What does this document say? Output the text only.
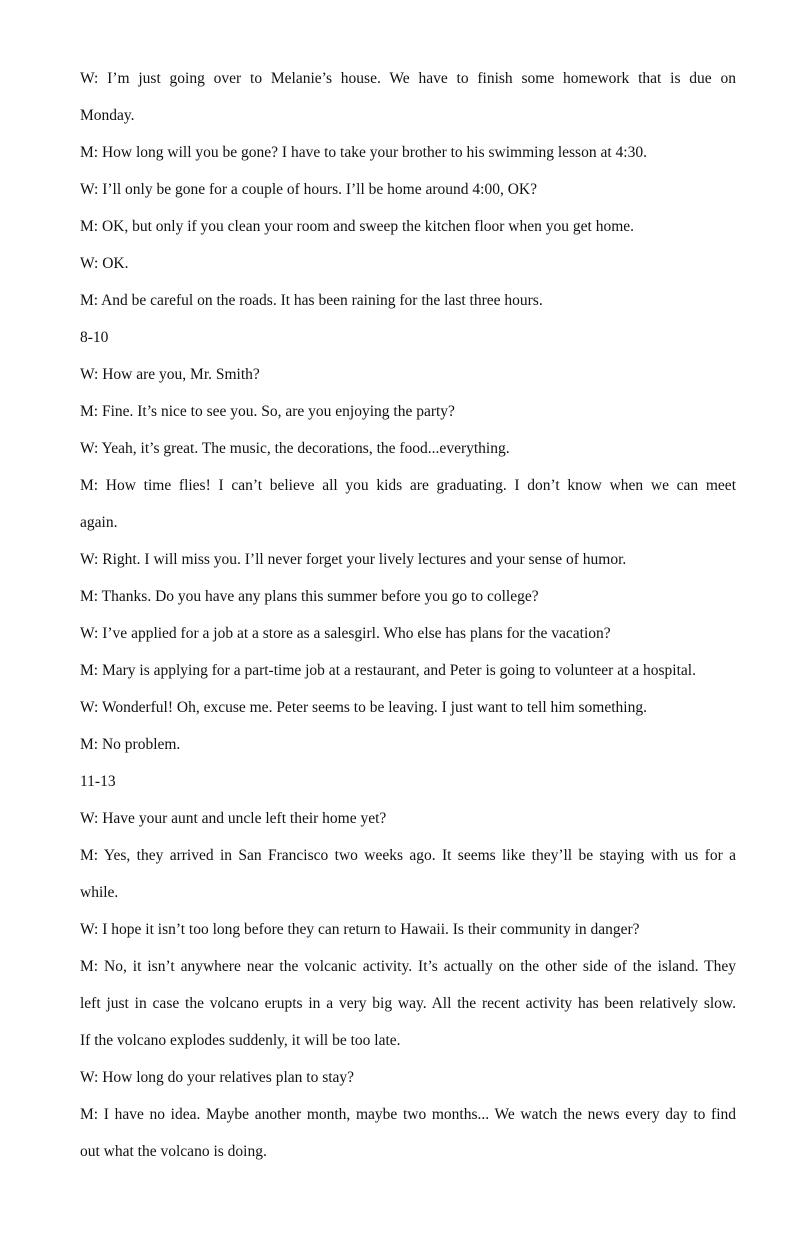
W: I’m just going over to Melanie’s house. We have to finish some homework that is due on
Monday.
M: How long will you be gone? I have to take your brother to his swimming lesson at 4:30.
W: I’ll only be gone for a couple of hours. I’ll be home around 4:00, OK?
M: OK, but only if you clean your room and sweep the kitchen floor when you get home.
W: OK.
M: And be careful on the roads. It has been raining for the last three hours.
8-10
W: How are you, Mr. Smith?
M: Fine. It’s nice to see you. So, are you enjoying the party?
W: Yeah, it’s great. The music, the decorations, the food...everything.
M: How time flies! I can’t believe all you kids are graduating. I don’t know when we can meet
again.
W: Right. I will miss you. I’ll never forget your lively lectures and your sense of humor.
M: Thanks. Do you have any plans this summer before you go to college?
W: I’ve applied for a job at a store as a salesgirl. Who else has plans for the vacation?
M: Mary is applying for a part-time job at a restaurant, and Peter is going to volunteer at a hospital.
W: Wonderful! Oh, excuse me. Peter seems to be leaving. I just want to tell him something.
M: No problem.
11-13
W: Have your aunt and uncle left their home yet?
M: Yes, they arrived in San Francisco two weeks ago. It seems like they’ll be staying with us for a
while.
W: I hope it isn’t too long before they can return to Hawaii. Is their community in danger?
M: No, it isn’t anywhere near the volcanic activity. It’s actually on the other side of the island. They
left just in case the volcano erupts in a very big way. All the recent activity has been relatively slow.
If the volcano explodes suddenly, it will be too late.
W: How long do your relatives plan to stay?
M: I have no idea. Maybe another month, maybe two months... We watch the news every day to find
out what the volcano is doing.
